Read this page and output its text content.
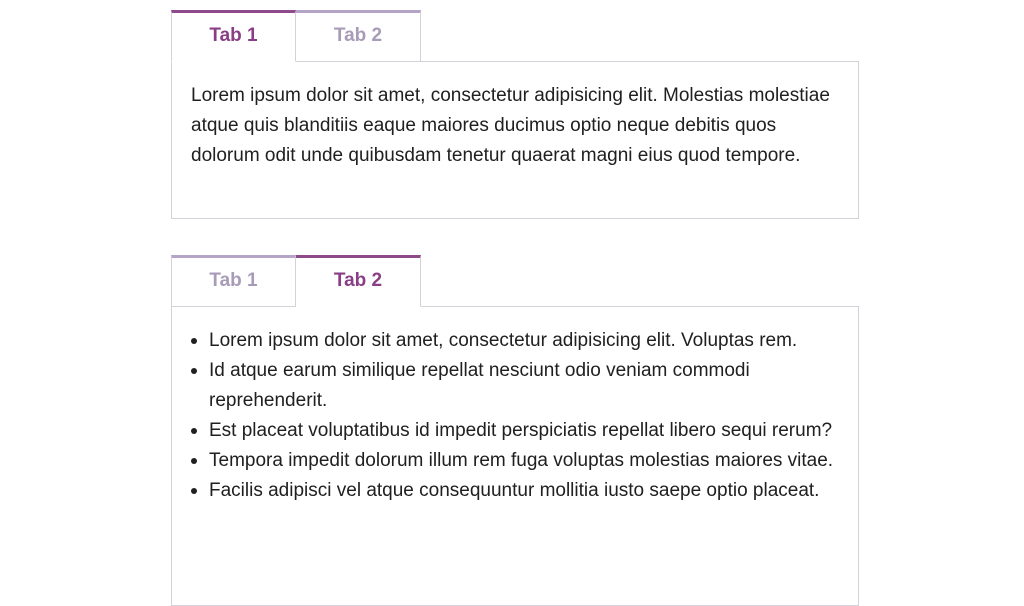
Tab 1	Tab 2

Lorem ipsum dolor sit amet, consectetur adipisicing elit. Molestias molestiae atque quis blanditiis eaque maiores ducimus optio neque debitis quos dolorum odit unde quibusdam tenetur quaerat magni eius quod tempore.

Tab 1	Tab 2
Lorem ipsum dolor sit amet, consectetur adipisicing elit. Voluptas rem.
Id atque earum similique repellat nesciunt odio veniam commodi reprehenderit.
Est placeat voluptatibus id impedit perspiciatis repellat libero sequi rerum?
Tempora impedit dolorum illum rem fuga voluptas molestias maiores vitae.
Facilis adipisci vel atque consequuntur mollitia iusto saepe optio placeat.
